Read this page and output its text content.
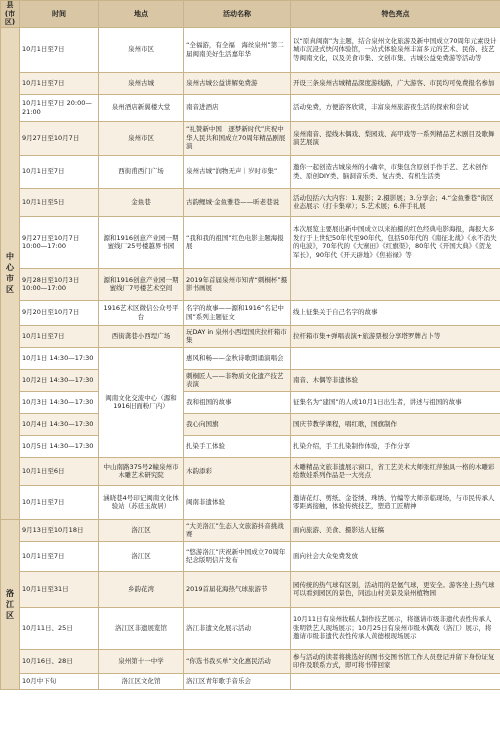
县(市区)	时间	地点	活动名称	特色亮点

中心市区	10月1日至7日	泉州市区	“全福游，有全福　海丝泉州”第二届闽南美好生活嘉年华	以“原真闽南”为主题，结合泉州文化旅游及新中国成立70周年元素设计城市沉浸式快闪体验馆，一站式体验泉州丰富多元的艺术、民俗、技艺等闽南文化，以及美食市集、文创市集、古城公益免费游等活动等
	10月1日至7日	泉州古城	泉州古城公益讲解免费游	开设三条泉州古城精品深度游线路，广大游客、市民均可免费报名参加
	10月1日至7日 20:00—21:00	泉州酒店新翼楼大堂	南音进酒店	活动免费，方便游客欣赏，丰富泉州旅游夜生活的探索和尝试
	9月27日至10月7日	泉州市区	“礼赞新中国　逐梦新时代”庆祝中华人民共和国成立70周年精品剧展演	泉州南音、提线木偶戏、梨园戏、高甲戏等一系列精品艺术剧目及歌舞演艺展演
	10月1日至7日	西街甫西门广场	泉州古城“润物无声｜岁时市集”	邀你一起创造古城泉州的小确幸，市集包含原创手作手艺、艺术创作类、原创DIY类、脑洞音乐类、复古类、有机生活类
	10月1日至5日	金鱼巷	古韵鲤城·金鱼雅巷——昕老巷说	活动包括六大内容：1.观影；2.摄影展；3.分享会；4.“金鱼雅巷”街区业态展示（打卡集章）；5.艺术展；6.伴手礼展
	9月27日至10月7日 10:00—17:00	源和1916创意产业园一期蜜线厂25号楼越界书园	“我和我的祖国”红色电影主题海报展	本次展览主要展出新中国成立以来拍摄的红色经典电影海报，海报大多发行于上世纪50年代至90年代，包括50年代的《南征北战》《永不消失的电波》，70年代的《大寨田》《红旗渠》，80年代《开国大典》《贺龙军长》，90年代《开天辟地》《焦裕禄》等
	9月28日至10月3日 10:00—17:00	源和1916创意产业园一期蜜线厂7号楼艺术空间	2019年首届泉州市知青“刺桐杯”摄影书画展	
	9月20日至10月7日	1916艺术区微信公众号平台	名字的故事——源和1916“名记中国”系列主题征文	线上征集关于自己名字的故事
	10月1日至7日	西街龚巷小西埕广场	玩DAY in 泉州小西埕国庆拉杆箱市集	拉杆箱市集+弹唱表演+旅游票根分享塔罗牌占卜等
	10月1日 14:30—17:30	闽南文化交流中心（源和1916旧面粉厂内）	惠风和畅——金秋诗歌朗诵演唱会	
	10月2日 14:30—17:30		刺桐匠人——非物质文化遗产技艺表演	南音、木偶等非遗体验
	10月3日 14:30—17:30		我和祖国的故事	征集名为“建国”的人或10月1日出生者，讲述与祖国的故事
	10月4日 14:30—17:30		我心向国旗	国庆节教学课程，唱红歌，国旗制作
	10月5日 14:30—17:30		扎染手工体验	扎染介绍，手工扎染制作体验，手作分享
	10月1日至6日	中山南路375号2幢泉州市木雕艺术研究院	木韵添彩	木雕精品文旅非遗展示窗口，省工艺美术大师张红萍独具一格的木雕彩绘数娃系列作品是一大亮点
	10月1日至7日	涵晓巷4号印记闽南文化体验站（苏廷玉故居）	闽南非遗体验	邀请花灯、剪纸、金苍绣、珠绣、竹编等大师亲临现场，与市民传承人零距离接触，体验传统技艺，塑造工匠精神

洛江区	9月13日至10月18日	洛江区	“大美洛江”生态人文旅游抖音挑战赛	面向旅游、美食、摄影达人征稿
	10月1日至7日	洛江区	“悠游洛江”庆祝新中国成立70周年纪念版明信片发布	面向社会大众免费发放
	10月1日至31日	乡韵花湾	2019首届花海热气球旅游节	园传统的热气球有区别，活动用的是氦气球，更安全。游客坐上热气球可以看到园区的景色，同远山村美景及泉州植物园
	10月11日、25日	洛江区非遗展览馆	洛江非遗文化展示活动	10月11日有泉州妆糕人制作技艺展示，将邀请市级非遗代表性传承人张明铁艺人现场展示；10月25日有泉州市级木偶戏（洛江）展示，将邀请市级非遗代表性传承人黄德根现场展示
	10月16日、28日	泉州第十一中学	“你选书我买单”文化惠民活动	参与活动的读者将挑选好的图书交图书馆工作人员登记并留下身份证复印件及联系方式，即可将书带回家
	10月中下旬	洛江区文化馆	洛江区青年歌手音乐会	
